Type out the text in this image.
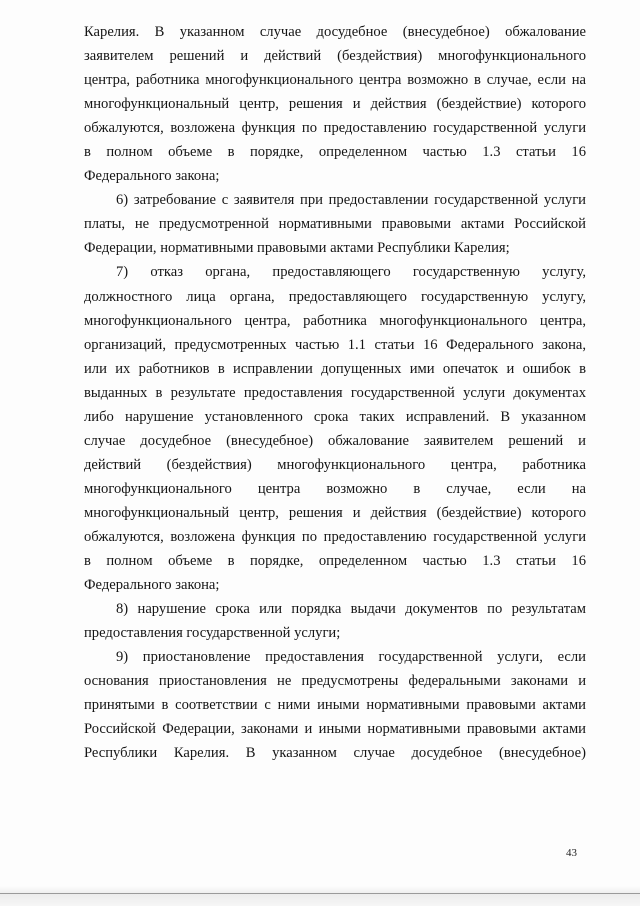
Карелия. В указанном случае досудебное (внесудебное) обжалование
заявителем решений и действий (бездействия) многофункционального
центра, работника многофункционального центра возможно в случае, если на
многофункциональный центр, решения и действия (бездействие) которого
обжалуются, возложена функция по предоставлению государственной услуги
в полном объеме в порядке, определенном частью 1.3 статьи 16
Федерального закона;
6) затребование с заявителя при предоставлении государственной услуги
платы, не предусмотренной нормативными правовыми актами Российской
Федерации, нормативными правовыми актами Республики Карелия;
7) отказ органа, предоставляющего государственную услугу,
должностного лица органа, предоставляющего государственную услугу,
многофункционального центра, работника многофункционального центра,
организаций, предусмотренных частью 1.1 статьи 16 Федерального закона,
или их работников в исправлении допущенных ими опечаток и ошибок в
выданных в результате предоставления государственной услуги документах
либо нарушение установленного срока таких исправлений. В указанном
случае досудебное (внесудебное) обжалование заявителем решений и
действий (бездействия) многофункционального центра, работника
многофункционального центра возможно в случае, если на
многофункциональный центр, решения и действия (бездействие) которого
обжалуются, возложена функция по предоставлению государственной услуги
в полном объеме в порядке, определенном частью 1.3 статьи 16
Федерального закона;
8) нарушение срока или порядка выдачи документов по результатам
предоставления государственной услуги;
9) приостановление предоставления государственной услуги, если
основания приостановления не предусмотрены федеральными законами и
принятыми в соответствии с ними иными нормативными правовыми актами
Российской Федерации, законами и иными нормативными правовыми актами
Республики Карелия. В указанном случае досудебное (внесудебное)
43
